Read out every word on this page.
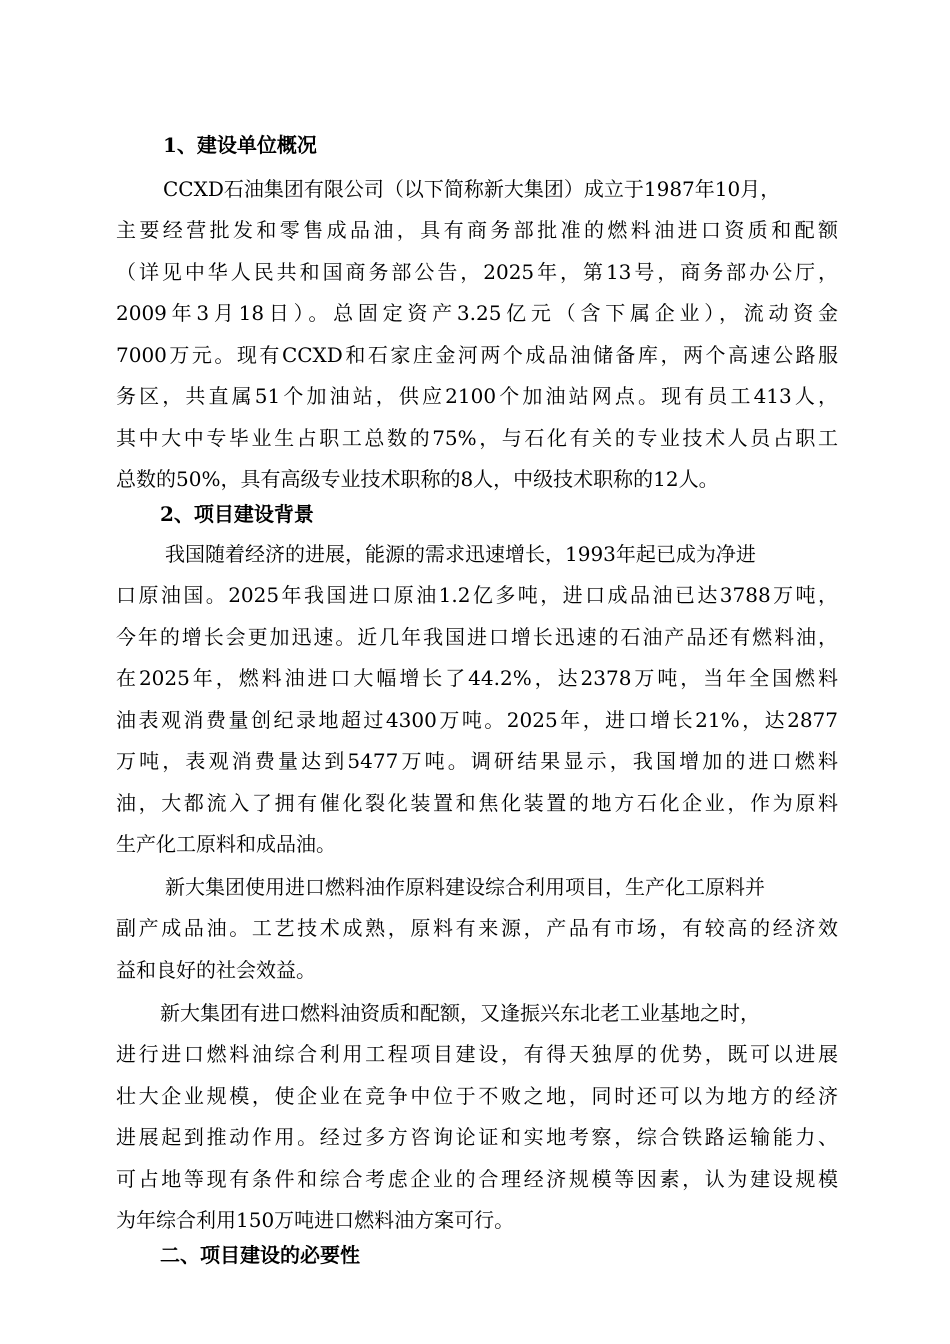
1、建设单位概况
CCXD石油集团有限公司（以下简称新大集团）成立于1987年10月，
主要经营批发和零售成品油，具有商务部批准的燃料油进口资质和配额
（详见中华人民共和国商务部公告，2025年，第13号，商务部办公厅，
2009年3月18日）。总固定资产3.25亿元（含下属企业），流动资金
7000万元。现有CCXD和石家庄金河两个成品油储备库，两个高速公路服
务区，共直属51个加油站，供应2100个加油站网点。现有员工413人，
其中大中专毕业生占职工总数的75%，与石化有关的专业技术人员占职工
总数的50%，具有高级专业技术职称的8人，中级技术职称的12人。
2、项目建设背景
我国随着经济的进展，能源的需求迅速增长，1993年起已成为净进
口原油国。2025年我国进口原油1.2亿多吨，进口成品油已达3788万吨，
今年的增长会更加迅速。近几年我国进口增长迅速的石油产品还有燃料油，
在2025年，燃料油进口大幅增长了44.2%，达2378万吨，当年全国燃料
油表观消费量创纪录地超过4300万吨。2025年，进口增长21%，达2877
万吨，表观消费量达到5477万吨。调研结果显示，我国增加的进口燃料
油，大都流入了拥有催化裂化装置和焦化装置的地方石化企业，作为原料
生产化工原料和成品油。
新大集团使用进口燃料油作原料建设综合利用项目，生产化工原料并
副产成品油。工艺技术成熟，原料有来源，产品有市场，有较高的经济效
益和良好的社会效益。
新大集团有进口燃料油资质和配额，又逢振兴东北老工业基地之时，
进行进口燃料油综合利用工程项目建设，有得天独厚的优势，既可以进展
壮大企业规模，使企业在竞争中位于不败之地，同时还可以为地方的经济
进展起到推动作用。经过多方咨询论证和实地考察，综合铁路运输能力、
可占地等现有条件和综合考虑企业的合理经济规模等因素，认为建设规模
为年综合利用150万吨进口燃料油方案可行。
二、项目建设的必要性
